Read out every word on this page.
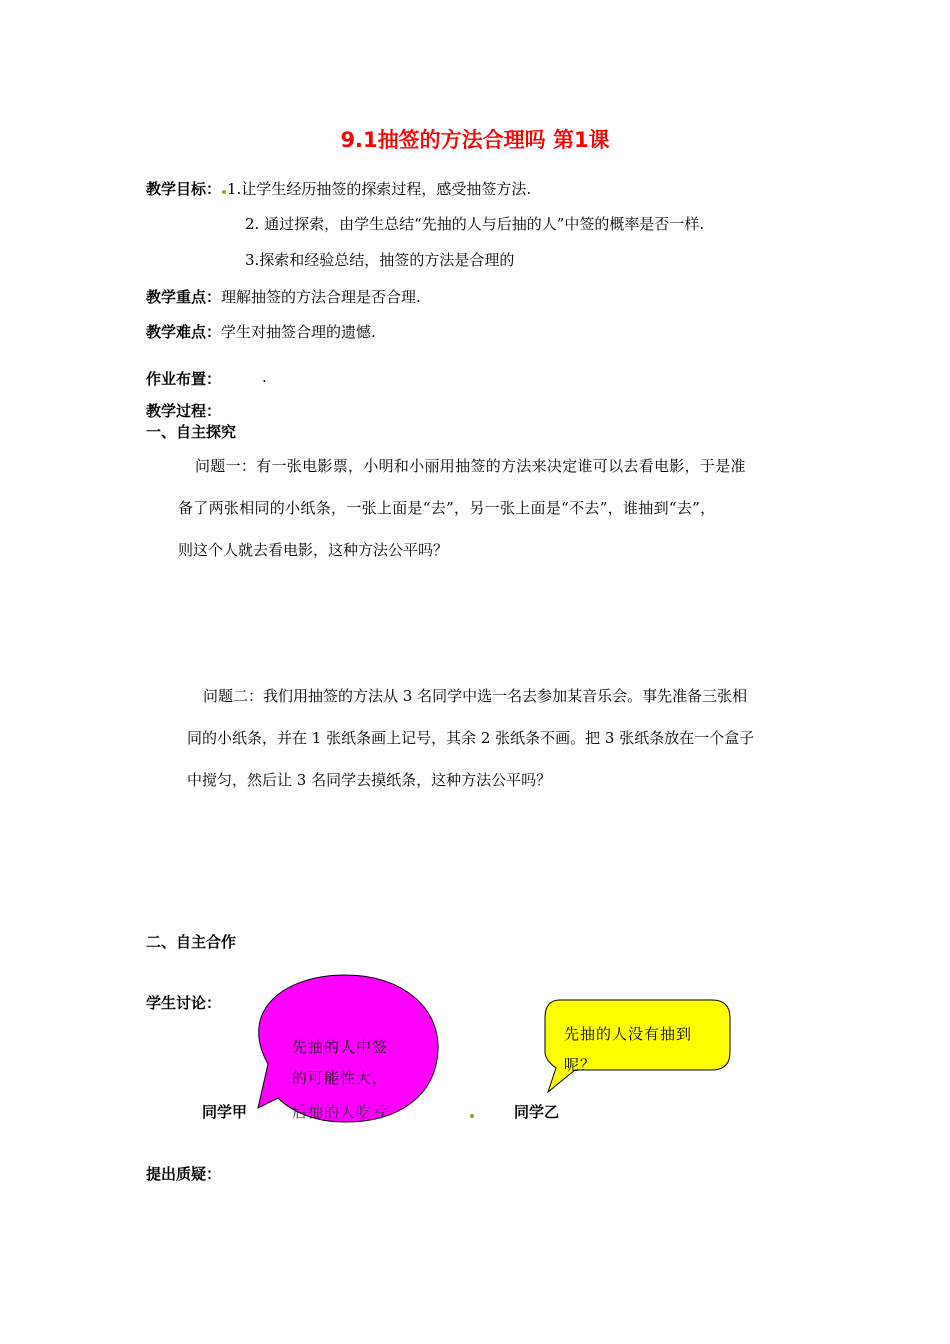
9.1抽签的方法合理吗 第1课
教学目标： 1.让学生经历抽签的探索过程，感受抽签方法.
2. 通过探索，由学生总结“先抽的人与后抽的人”中签的概率是否一样.
3.探索和经验总结，抽签的方法是合理的
教学重点：理解抽签的方法合理是否合理.
教学难点：学生对抽签合理的遗憾.
作业布置：	.
教学过程：
一、自主探究
问题一：有一张电影票，小明和小丽用抽签的方法来决定谁可以去看电影，于是准
备了两张相同的小纸条，一张上面是“去”，另一张上面是“不去”，谁抽到“去”，
则这个人就去看电影，这种方法公平吗？
问题二：我们用抽签的方法从 3 名同学中选一名去参加某音乐会。事先准备三张相
同的小纸条，并在 1 张纸条画上记号，其余 2 张纸条不画。把 3 张纸条放在一个盒子
中搅匀，然后让 3 名同学去摸纸条，这种方法公平吗？
二、自主合作
学生讨论：
先抽的人中签
的可能性大，
后抽的人吃亏
先抽的人没有抽到
呢？
同学甲	同学乙
提出质疑：
